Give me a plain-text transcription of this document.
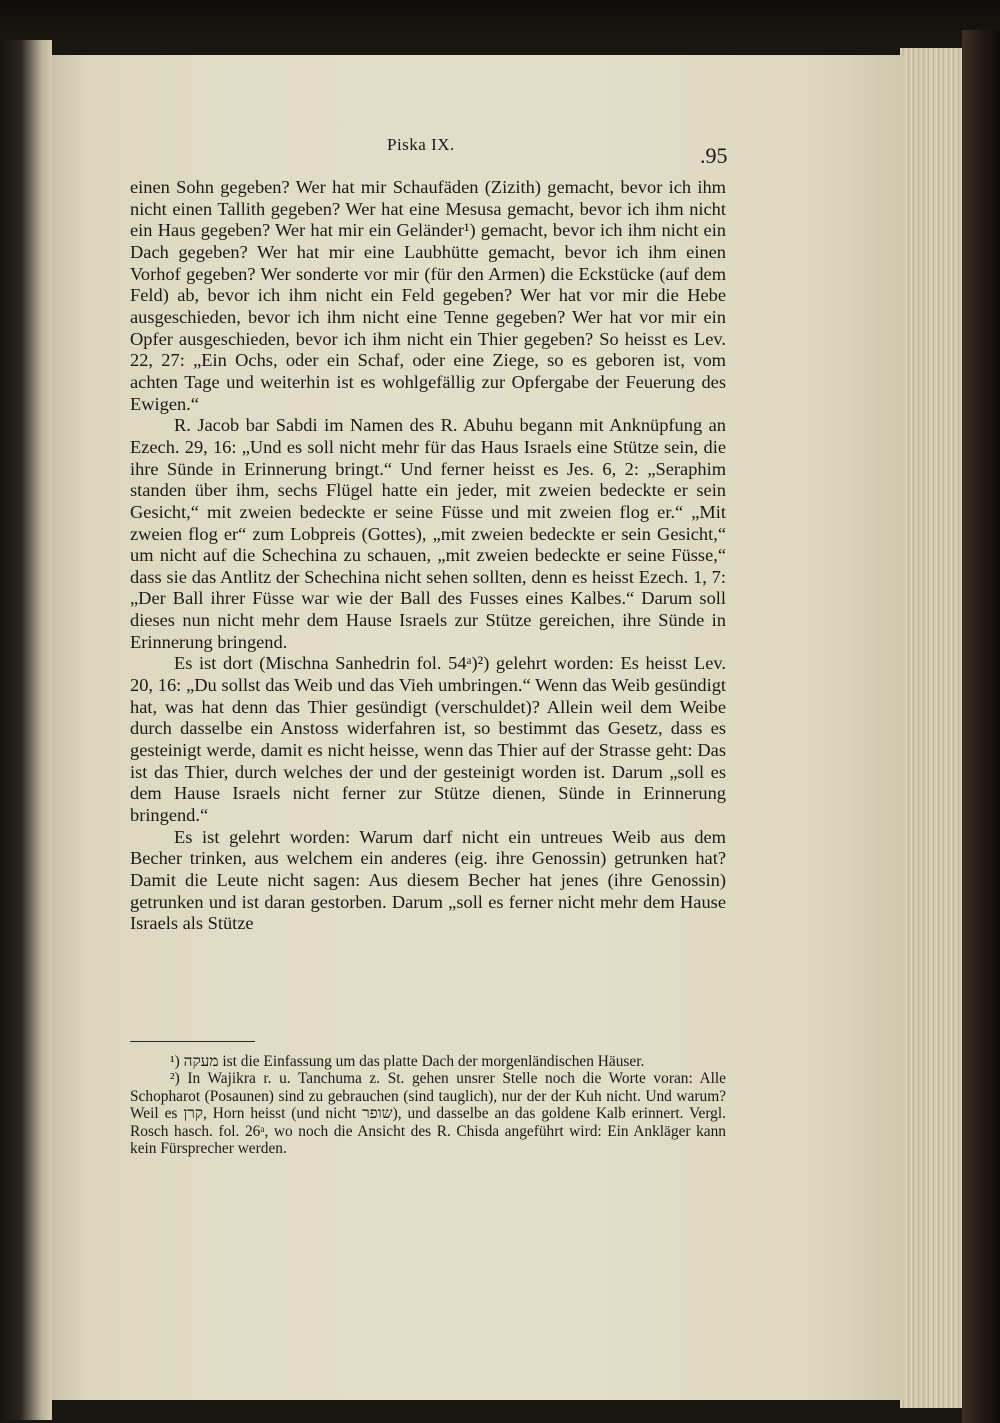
Piska IX.	.95

einen Sohn gegeben? Wer hat mir Schaufäden (Zizith) gemacht, bevor ich ihm nicht einen Tallith gegeben? Wer hat eine Mesusa gemacht, bevor ich ihm nicht ein Haus gegeben? Wer hat mir ein Geländer¹) gemacht, bevor ich ihm nicht ein Dach gegeben? Wer hat mir eine Laubhütte gemacht, bevor ich ihm einen Vorhof gegeben? Wer sonderte vor mir (für den Armen) die Eckstücke (auf dem Feld) ab, bevor ich ihm nicht ein Feld gegeben? Wer hat vor mir die Hebe ausgeschieden, bevor ich ihm nicht eine Tenne gegeben? Wer hat vor mir ein Opfer ausgeschieden, bevor ich ihm nicht ein Thier gegeben? So heisst es Lev. 22, 27: „Ein Ochs, oder ein Schaf, oder eine Ziege, so es geboren ist, vom achten Tage und weiterhin ist es wohlgefällig zur Opfergabe der Feuerung des Ewigen.“

R. Jacob bar Sabdi im Namen des R. Abuhu begann mit Anknüpfung an Ezech. 29, 16: „Und es soll nicht mehr für das Haus Israels eine Stütze sein, die ihre Sünde in Erinnerung bringt.“ Und ferner heisst es Jes. 6, 2: „Seraphim standen über ihm, sechs Flügel hatte ein jeder, mit zweien bedeckte er sein Gesicht,“ mit zweien bedeckte er seine Füsse und mit zweien flog er.“ „Mit zweien flog er“ zum Lobpreis (Gottes), „mit zweien bedeckte er sein Gesicht,“ um nicht auf die Schechina zu schauen, „mit zweien bedeckte er seine Füsse,“ dass sie das Antlitz der Schechina nicht sehen sollten, denn es heisst Ezech. 1, 7: „Der Ball ihrer Füsse war wie der Ball des Fusses eines Kalbes.“ Darum soll dieses nun nicht mehr dem Hause Israels zur Stütze gereichen, ihre Sünde in Erinnerung bringend.

Es ist dort (Mischna Sanhedrin fol. 54ᵃ)²) gelehrt worden: Es heisst Lev. 20, 16: „Du sollst das Weib und das Vieh umbringen.“ Wenn das Weib gesündigt hat, was hat denn das Thier gesündigt (verschuldet)? Allein weil dem Weibe durch dasselbe ein Anstoss widerfahren ist, so bestimmt das Gesetz, dass es gesteinigt werde, damit es nicht heisse, wenn das Thier auf der Strasse geht: Das ist das Thier, durch welches der und der gesteinigt worden ist. Darum „soll es dem Hause Israels nicht ferner zur Stütze dienen, Sünde in Erinnerung bringend.“

Es ist gelehrt worden: Warum darf nicht ein untreues Weib aus dem Becher trinken, aus welchem ein anderes (eig. ihre Genossin) getrunken hat? Damit die Leute nicht sagen: Aus diesem Becher hat jenes (ihre Genossin) getrunken und ist daran gestorben. Darum „soll es ferner nicht mehr dem Hause Israels als Stütze

¹) מעקה ist die Einfassung um das platte Dach der morgenländischen Häuser.

²) In Wajikra r. u. Tanchuma z. St. gehen unsrer Stelle noch die Worte voran: Alle Schopharot (Posaunen) sind zu gebrauchen (sind tauglich), nur der der Kuh nicht. Und warum? Weil es קרן, Horn heisst (und nicht שופר), und dasselbe an das goldene Kalb erinnert. Vergl. Rosch hasch. fol. 26ᵃ, wo noch die Ansicht des R. Chisda angeführt wird: Ein Ankläger kann kein Fürsprecher werden.
